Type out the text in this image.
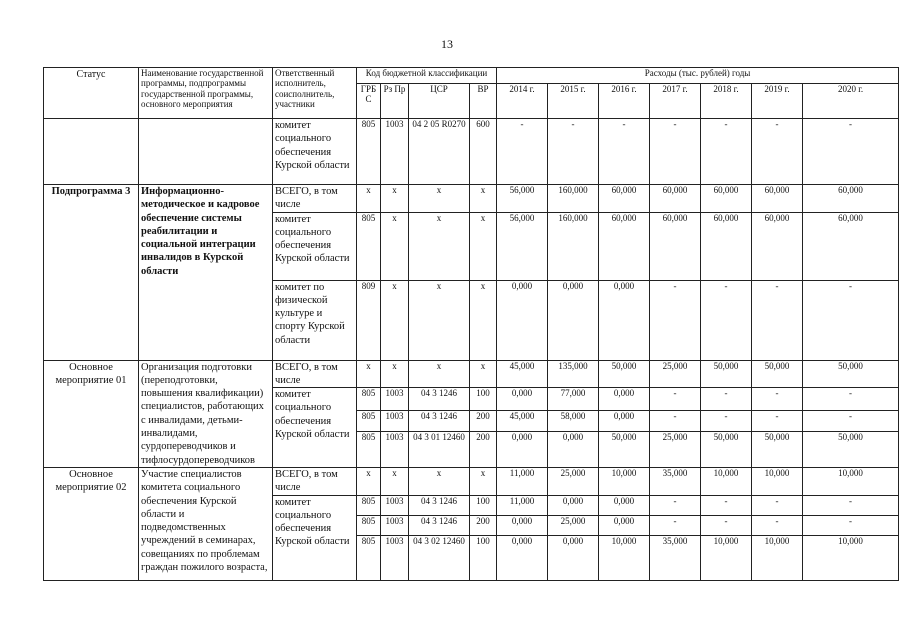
13
Статус	Наименование государственной программы, подпрограммы государственной программы, основного мероприятия	Ответственный исполнитель, соисполнитель, участники	Код бюджетной классификации				Расходы (тыс. рублей) годы						
			ГРБ С	Рз Пр	ЦСР	ВР	2014 г.	2015 г.	2016 г.	2017 г.	2018 г.	2019 г.	2020 г.
		комитет социального обеспечения Курской области	805	1003	04 2 05 R0270	600	-	-	-	-	-	-	-
Подпрограмма 3	Информационно-методическое и кадровое обеспечение системы реабилитации и социальной интеграции инвалидов в Курской области	ВСЕГО, в том числе	x	x	x	x	56,000	160,000	60,000	60,000	60,000	60,000	60,000
		комитет социального обеспечения Курской области	805	x	x	x	56,000	160,000	60,000	60,000	60,000	60,000	60,000
		комитет по физической культуре и спорту Курской области	809	x	x	x	0,000	0,000	0,000	-	-	-	-
Основное мероприятие 01	Организация подготовки (переподготовки, повышения квалификации) специалистов, работающих с инвалидами, детьми-инвалидами, сурдопереводчиков и тифлосурдопереводчиков	ВСЕГО, в том числе	x	x	x	x	45,000	135,000	50,000	25,000	50,000	50,000	50,000
		комитет социального обеспечения Курской области	805	1003	04 3 1246	100	0,000	77,000	0,000	-	-	-	-
			805	1003	04 3 1246	200	45,000	58,000	0,000	-	-	-	-
			805	1003	04 3 01 12460	200	0,000	0,000	50,000	25,000	50,000	50,000	50,000
Основное мероприятие 02	Участие специалистов комитета социального обеспечения Курской области и подведомственных учреждений в семинарах, совещаниях по проблемам граждан пожилого возраста,	ВСЕГО, в том числе	x	x	x	x	11,000	25,000	10,000	35,000	10,000	10,000	10,000
		комитет социального обеспечения Курской области	805	1003	04 3 1246	100	11,000	0,000	0,000	-	-	-	-
			805	1003	04 3 1246	200	0,000	25,000	0,000	-	-	-	-
			805	1003	04 3 02 12460	100	0,000	0,000	10,000	35,000	10,000	10,000	10,000
